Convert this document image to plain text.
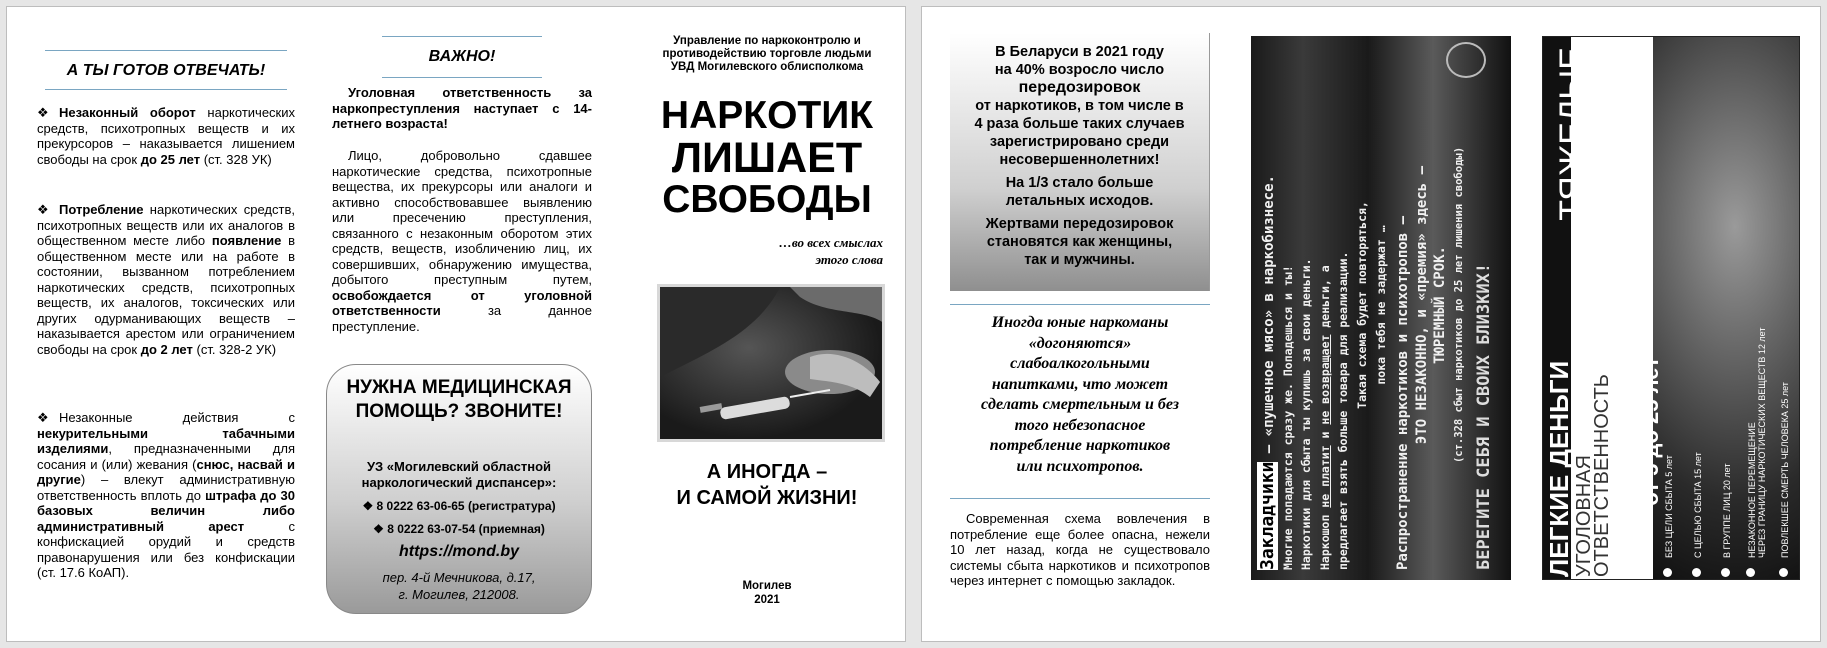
А ТЫ ГОТОВ ОТВЕЧАТЬ!

❖ Незаконный оборот наркотических средств, психотропных веществ и их прекурсоров – наказывается лишением свободы на срок до 25 лет (ст. 328 УК)

❖ Потребление наркотических средств, психотропных веществ или их аналогов в общественном месте либо появление в общественном месте или на работе в состоянии, вызванном потреблением наркотических средств, психотропных веществ, их аналогов, токсических или других одурманивающих веществ – наказывается арестом или ограничением свободы на срок до 2 лет (ст. 328-2 УК)

❖ Незаконные действия с некурительными табачными изделиями, предназначенными для сосания и (или) жевания (снюс, насвай и другие) – влекут административную ответственность вплоть до штрафа до 30 базовых величин либо административный арест с конфискацией орудий и средств правонарушения или без конфискации (ст. 17.6 КоАП).

ВАЖНО!

Уголовная ответственность за наркопреступления наступает с 14-летнего возраста!

Лицо, добровольно сдавшее наркотические средства, психотропные вещества, их прекурсоры или аналоги и активно способствовавшее выявлению или пресечению преступления, связанного с незаконным оборотом этих средств, веществ, изобличению лиц, их совершивших, обнаружению имущества, добытого преступным путем, освобождается от уголовной ответственности за данное преступление.

НУЖНА МЕДИЦИНСКАЯ ПОМОЩЬ? ЗВОНИТЕ!
УЗ «Могилевский областной наркологический диспансер»:
❖ 8 0222 63-06-65 (регистратура)
❖ 8 0222 63-07-54 (приемная)
https://mond.by
пер. 4-й Мечникова, д.17,
г. Могилев, 212008.
Управление по наркоконтролю и
противодействию торговле людьми
УВД Могилевского облисполкома
НАРКОТИК
ЛИШАЕТ
СВОБОДЫ
…во всех смыслах
этого слова
А ИНОГДА –
И САМОЙ ЖИЗНИ!
Могилев
2021
В Беларуси в 2021 году
на 40% возросло число
передозировок
от наркотиков, в том числе в
4 раза больше таких случаев
зарегистрировано среди
несовершеннолетних!
На 1/3 стало больше
летальных исходов.
Жертвами передозировок
становятся как женщины,
так и мужчины.
Иногда юные наркоманы
«догоняются»
слабоалкогольными
напитками, что может
сделать смертельным и без
того небезопасное
потребление наркотиков
или психотропов.

Современная схема вовлечения в потребление еще более опасна, нежели 10 лет назад, когда не существовало системы сбыта наркотиков и психотропов через интернет с помощью закладок.

Закладчики – «пушечное мясо» в наркобизнесе. Многие попадаются сразу же. Попадешься и ты! Наркотики для сбыта ты купишь за свои деньги. Наркошоп не платит и не возвращает деньги, а предлагает взять больше товара для реализации. Такая схема будет повторяться, пока тебя не задержат … Распространение наркотиков и психотропов – ЭТО НЕЗАКОННО, и «премия» здесь – ТЮРЕМНЫЙ СРОК. (ст.328 сбыт наркотиков до 25 лет лишения свободы) БЕРЕГИТЕ СЕБЯ И СВОИХ БЛИЗКИХ! ЛЕГКИЕ ДЕНЬГИ УГОЛОВНАЯ
ОТВЕТСТВЕННОСТЬ	БЕЗ ЦЕЛИ СБЫТА 5 лет	С ЦЕЛЬЮ СБЫТА 15 лет	В ГРУППЕ ЛИЦ 20 лет	НЕЗАКОННОЕ ПЕРЕМЕЩЕНИЕ
ЧЕРЕЗ ГРАНИЦУ НАРКОТИЧЕСКИХ ВЕЩЕСТВ 12 лет	ПОВЛЕКШЕЕ СМЕРТЬ ЧЕЛОВЕКА 25 лет
ТЯЖЕЛЫЕ
ПОСЛЕДСТВИЯ
от 5 до 25 лет
